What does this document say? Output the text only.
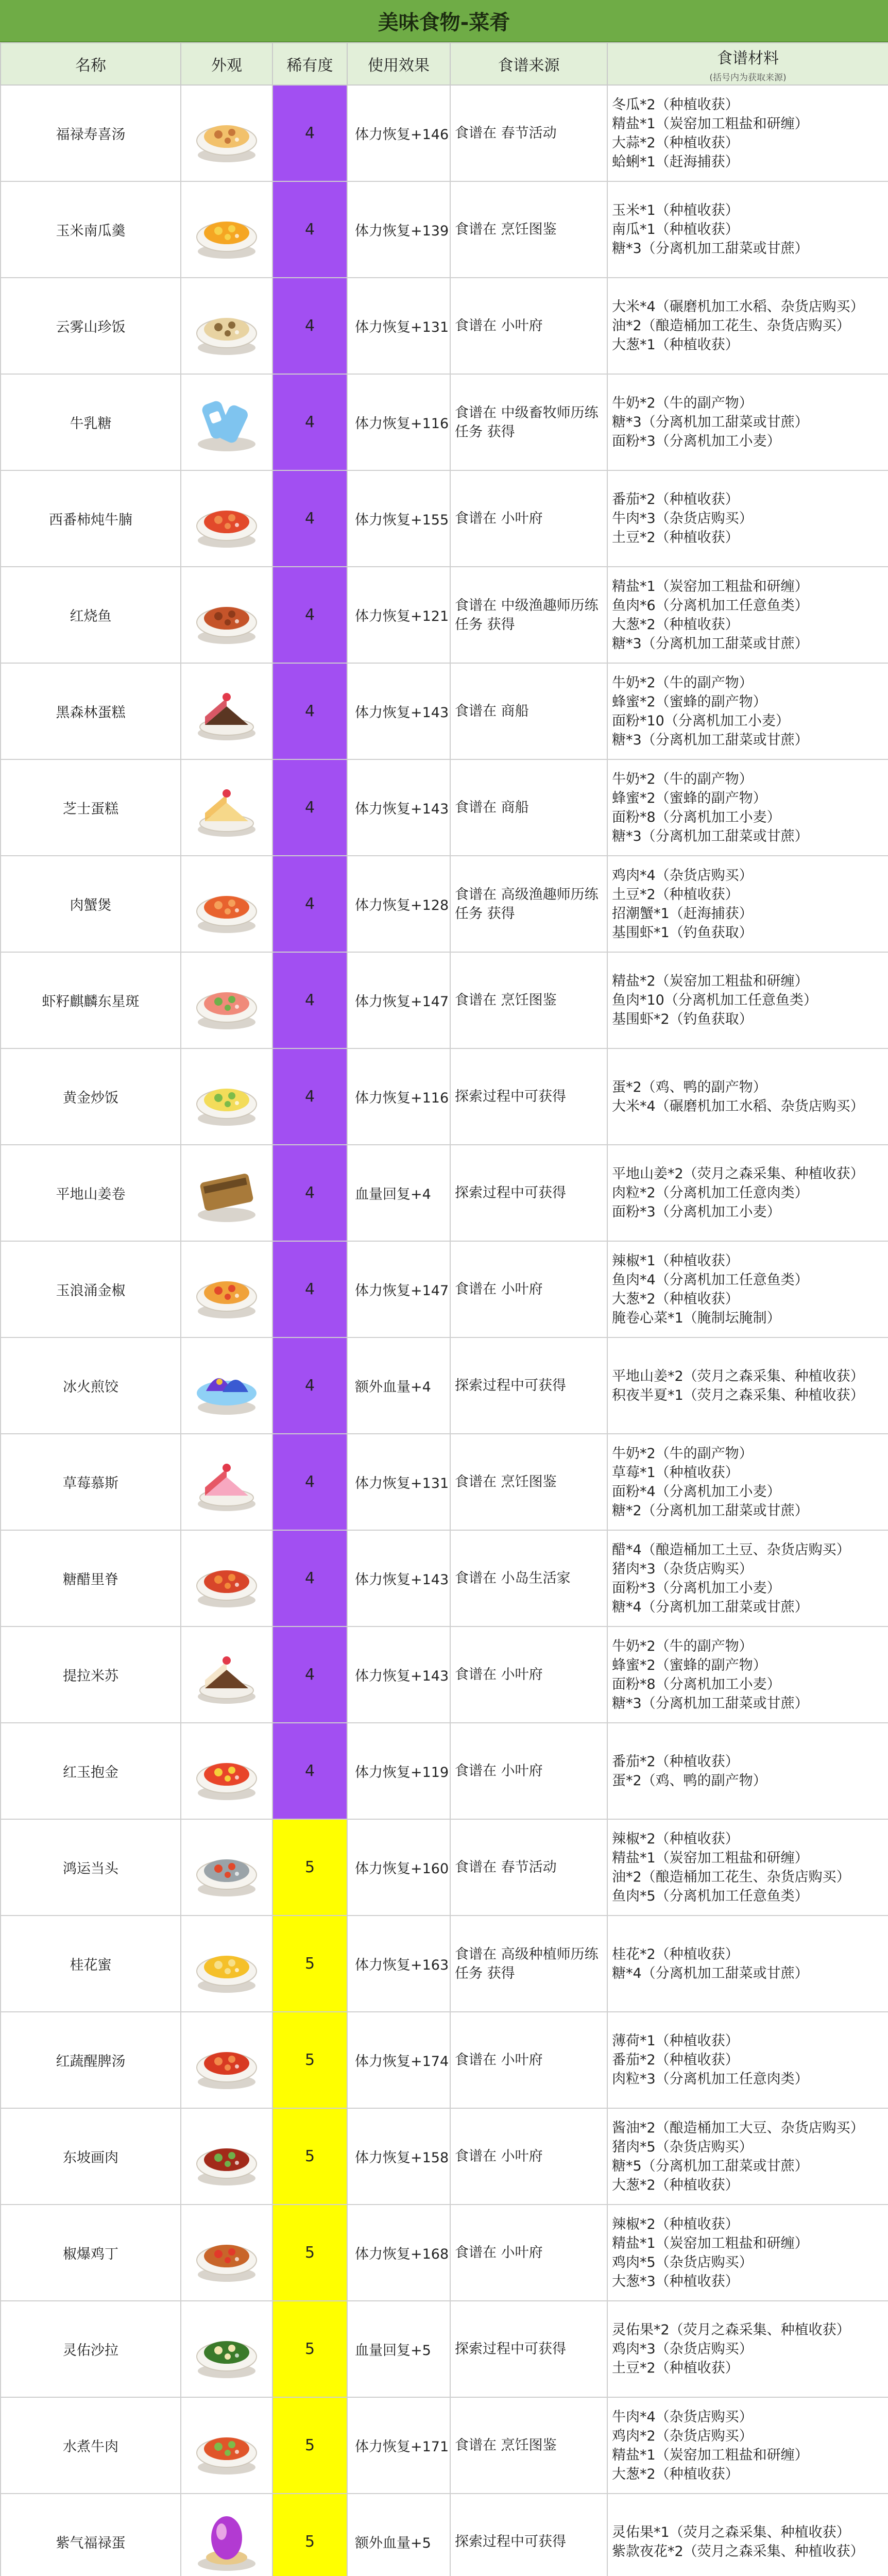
美味食物-菜肴
名称	外观	稀有度	使用效果	食谱来源	食谱材料
(括号内为获取来源)

福禄寿喜汤		4	体力恢复+146	食谱在 春节活动	冬瓜*2（种植收获）
精盐*1（炭窑加工粗盐和研缠）
大蒜*2（种植收获）
蛤蜊*1（赶海捕获）

玉米南瓜羹		4	体力恢复+139	食谱在 烹饪图鉴	玉米*1（种植收获）
南瓜*1（种植收获）
糖*3（分离机加工甜菜或甘蔗）

云雾山珍饭		4	体力恢复+131	食谱在 小叶府	大米*4（碾磨机加工水稻、杂货店购买）
油*2（酿造桶加工花生、杂货店购买）
大葱*1（种植收获）

牛乳糖		4	体力恢复+116	食谱在 中级畜牧师历练任务 获得	牛奶*2（牛的副产物）
糖*3（分离机加工甜菜或甘蔗）
面粉*3（分离机加工小麦）

西番柿炖牛腩		4	体力恢复+155	食谱在 小叶府	番茄*2（种植收获）
牛肉*3（杂货店购买）
土豆*2（种植收获）

红烧鱼		4	体力恢复+121	食谱在 中级渔趣师历练任务 获得	精盐*1（炭窑加工粗盐和研缠）
鱼肉*6（分离机加工任意鱼类）
大葱*2（种植收获）
糖*3（分离机加工甜菜或甘蔗）

黑森林蛋糕		4	体力恢复+143	食谱在 商船	牛奶*2（牛的副产物）
蜂蜜*2（蜜蜂的副产物）
面粉*10（分离机加工小麦）
糖*3（分离机加工甜菜或甘蔗）

芝士蛋糕		4	体力恢复+143	食谱在 商船	牛奶*2（牛的副产物）
蜂蜜*2（蜜蜂的副产物）
面粉*8（分离机加工小麦）
糖*3（分离机加工甜菜或甘蔗）

肉蟹煲		4	体力恢复+128	食谱在 高级渔趣师历练任务 获得	鸡肉*4（杂货店购买）
土豆*2（种植收获）
招潮蟹*1（赶海捕获）
基围虾*1（钓鱼获取）

虾籽麒麟东星斑		4	体力恢复+147	食谱在 烹饪图鉴	精盐*2（炭窑加工粗盐和研缠）
鱼肉*10（分离机加工任意鱼类）
基围虾*2（钓鱼获取）

黄金炒饭		4	体力恢复+116	探索过程中可获得	蛋*2（鸡、鸭的副产物）
大米*4（碾磨机加工水稻、杂货店购买）

平地山姜卷		4	血量回复+4	探索过程中可获得	平地山姜*2（荧月之森采集、种植收获）
肉粒*2（分离机加工任意肉类）
面粉*3（分离机加工小麦）

玉浪涌金椒		4	体力恢复+147	食谱在 小叶府	辣椒*1（种植收获）
鱼肉*4（分离机加工任意鱼类）
大葱*2（种植收获）
腌卷心菜*1（腌制坛腌制）

冰火煎饺		4	额外血量+4	探索过程中可获得	平地山姜*2（荧月之森采集、种植收获）
积夜半夏*1（荧月之森采集、种植收获）

草莓慕斯		4	体力恢复+131	食谱在 烹饪图鉴	牛奶*2（牛的副产物）
草莓*1（种植收获）
面粉*4（分离机加工小麦）
糖*2（分离机加工甜菜或甘蔗）

糖醋里脊		4	体力恢复+143	食谱在 小岛生活家	醋*4（酿造桶加工土豆、杂货店购买）
猪肉*3（杂货店购买）
面粉*3（分离机加工小麦）
糖*4（分离机加工甜菜或甘蔗）

提拉米苏		4	体力恢复+143	食谱在 小叶府	牛奶*2（牛的副产物）
蜂蜜*2（蜜蜂的副产物）
面粉*8（分离机加工小麦）
糖*3（分离机加工甜菜或甘蔗）

红玉抱金		4	体力恢复+119	食谱在 小叶府	番茄*2（种植收获）
蛋*2（鸡、鸭的副产物）

鸿运当头		5	体力恢复+160	食谱在 春节活动	辣椒*2（种植收获）
精盐*1（炭窑加工粗盐和研缠）
油*2（酿造桶加工花生、杂货店购买）
鱼肉*5（分离机加工任意鱼类）

桂花蜜		5	体力恢复+163	食谱在 高级种植师历练任务 获得	桂花*2（种植收获）
糖*4（分离机加工甜菜或甘蔗）

红蔬醒脾汤		5	体力恢复+174	食谱在 小叶府	薄荷*1（种植收获）
番茄*2（种植收获）
肉粒*3（分离机加工任意肉类）

东坡画肉		5	体力恢复+158	食谱在 小叶府	酱油*2（酿造桶加工大豆、杂货店购买）
猪肉*5（杂货店购买）
糖*5（分离机加工甜菜或甘蔗）
大葱*2（种植收获）

椒爆鸡丁		5	体力恢复+168	食谱在 小叶府	辣椒*2（种植收获）
精盐*1（炭窑加工粗盐和研缠）
鸡肉*5（杂货店购买）
大葱*3（种植收获）

灵佑沙拉		5	血量回复+5	探索过程中可获得	灵佑果*2（荧月之森采集、种植收获）
鸡肉*3（杂货店购买）
土豆*2（种植收获）

水煮牛肉		5	体力恢复+171	食谱在 烹饪图鉴	牛肉*4（杂货店购买）
鸡肉*2（杂货店购买）
精盐*1（炭窑加工粗盐和研缠）
大葱*2（种植收获）

紫气福禄蛋		5	额外血量+5	探索过程中可获得	灵佑果*1（荧月之森采集、种植收获）
紫款夜花*2（荧月之森采集、种植收获）
